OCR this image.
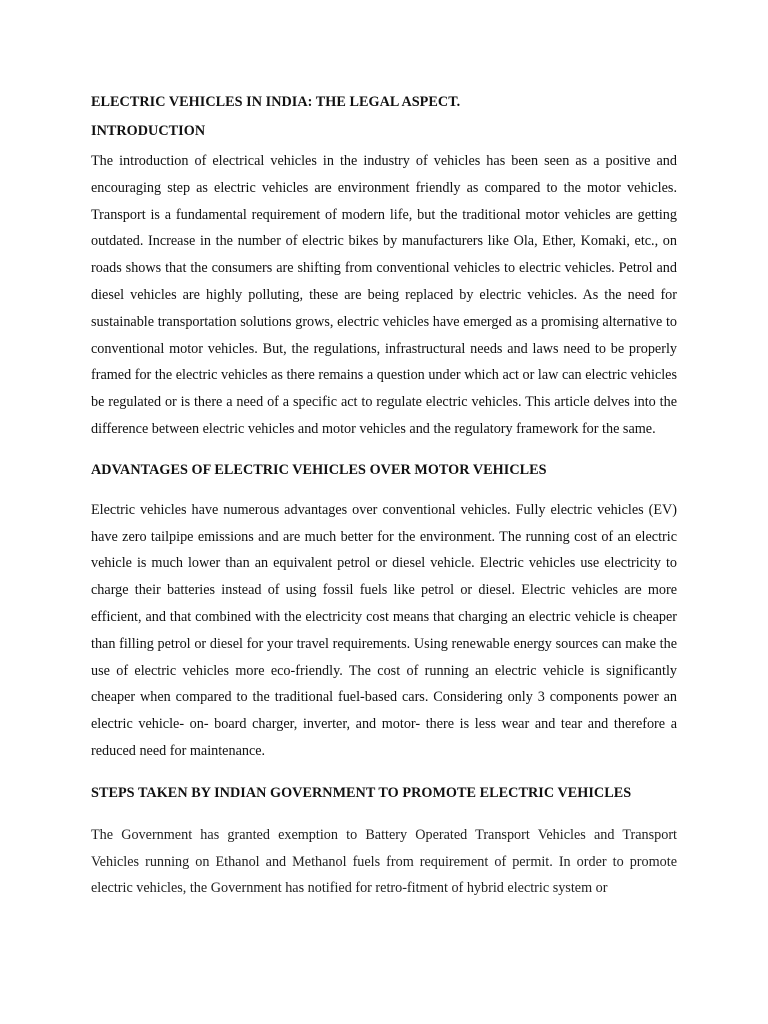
ELECTRIC VEHICLES IN INDIA: THE LEGAL ASPECT.
INTRODUCTION

The introduction of electrical vehicles in the industry of vehicles has been seen as a positive and encouraging step as electric vehicles are environment friendly as compared to the motor vehicles. Transport is a fundamental requirement of modern life, but the traditional motor vehicles are getting outdated. Increase in the number of electric bikes by manufacturers like Ola, Ether, Komaki, etc., on roads shows that the consumers are shifting from conventional vehicles to electric vehicles. Petrol and diesel vehicles are highly polluting, these are being replaced by electric vehicles. As the need for sustainable transportation solutions grows, electric vehicles have emerged as a promising alternative to conventional motor vehicles. But, the regulations, infrastructural needs and laws need to be properly framed for the electric vehicles as there remains a question under which act or law can electric vehicles be regulated or is there a need of a specific act to regulate electric vehicles. This article delves into the difference between electric vehicles and motor vehicles and the regulatory framework for the same.

ADVANTAGES OF ELECTRIC VEHICLES OVER MOTOR VEHICLES

Electric vehicles have numerous advantages over conventional vehicles. Fully electric vehicles (EV) have zero tailpipe emissions and are much better for the environment. The running cost of an electric vehicle is much lower than an equivalent petrol or diesel vehicle. Electric vehicles use electricity to charge their batteries instead of using fossil fuels like petrol or diesel. Electric vehicles are more efficient, and that combined with the electricity cost means that charging an electric vehicle is cheaper than filling petrol or diesel for your travel requirements. Using renewable energy sources can make the use of electric vehicles more eco-friendly. The cost of running an electric vehicle is significantly cheaper when compared to the traditional fuel-based cars. Considering only 3 components power an electric vehicle- on- board charger, inverter, and motor- there is less wear and tear and therefore a reduced need for maintenance.

STEPS TAKEN BY INDIAN GOVERNMENT TO PROMOTE ELECTRIC VEHICLES

The Government has granted exemption to Battery Operated Transport Vehicles and Transport Vehicles running on Ethanol and Methanol fuels from requirement of permit. In order to promote electric vehicles, the Government has notified for retro-fitment of hybrid electric system or
